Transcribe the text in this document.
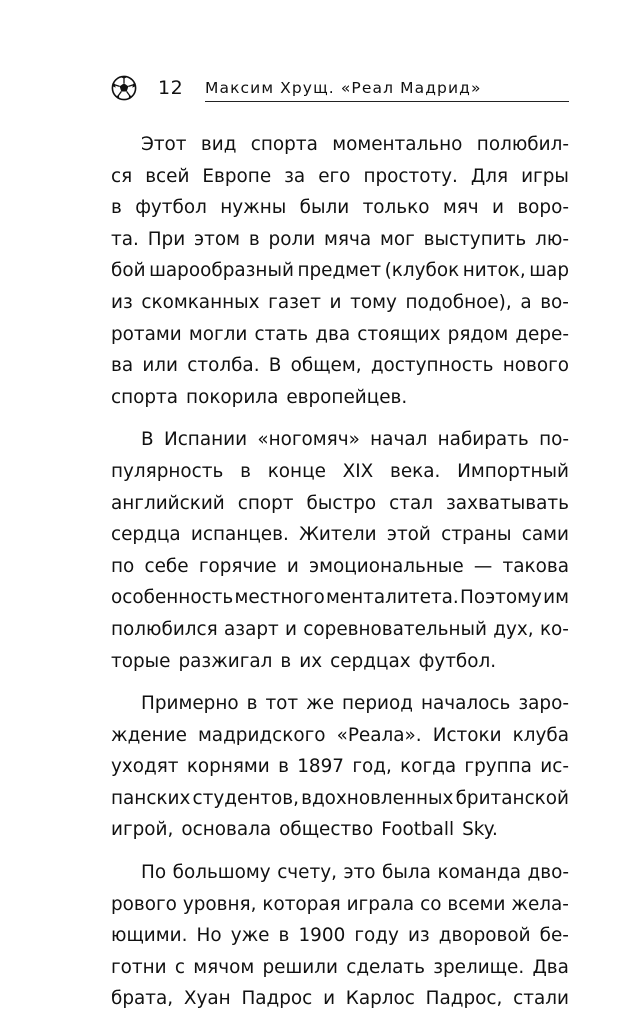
12 Максим Хрущ. «Реал Мадрид»
Этот вид спорта моментально полюбил-
ся всей Европе за его простоту. Для игры
в футбол нужны были только мяч и воро-
та. При этом в роли мяча мог выступить лю-
бой шарообразный предмет (клубок ниток, шар
из скомканных газет и тому подобное), а во-
ротами могли стать два стоящих рядом дере-
ва или столба. В общем, доступность нового
спорта покорила европейцев.
В Испании «ногомяч» начал набирать по-
пулярность в конце XIX века. Импортный
английский спорт быстро стал захватывать
сердца испанцев. Жители этой страны сами
по себе горячие и эмоциональные — такова
особенность местного менталитета. Поэтому им
полюбился азарт и соревновательный дух, ко-
торые разжигал в их сердцах футбол.
Примерно в тот же период началось заро-
ждение мадридского «Реала». Истоки клуба
уходят корнями в 1897 год, когда группа ис-
панских студентов, вдохновленных британской
игрой, основала общество Football Sky.
По большому счету, это была команда дво-
рового уровня, которая играла со всеми жела-
ющими. Но уже в 1900 году из дворовой бе-
готни с мячом решили сделать зрелище. Два
брата, Хуан Падрос и Карлос Падрос, стали
